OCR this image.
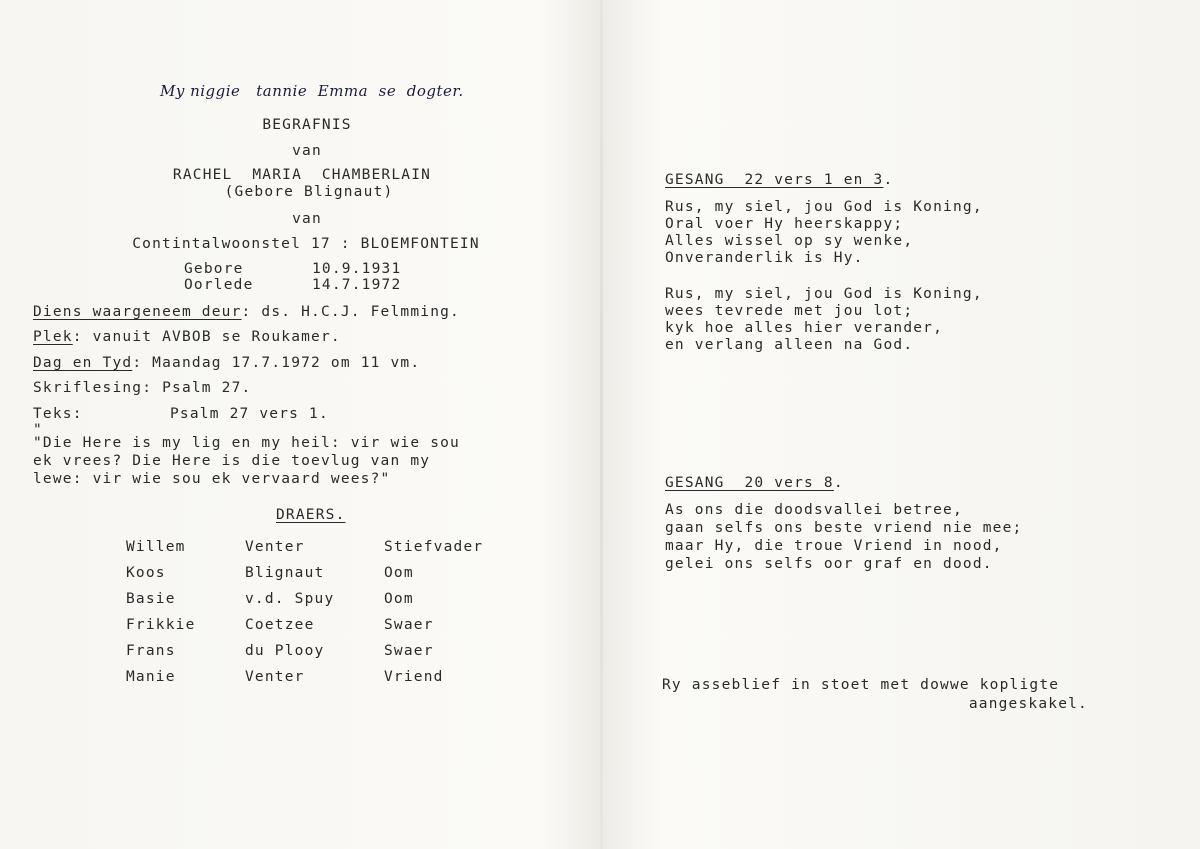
My niggie   tannie  Emma  se  dogter.
BEGRAFNIS
van
RACHEL  MARIA  CHAMBERLAIN
(Gebore Blignaut)
van
Contintalwoonstel 17 : BLOEMFONTEIN
Gebore	10.9.1931
Oorlede	14.7.1972
Diens waargeneem deur: ds. H.C.J. Felmming.
Plek: vanuit AVBOB se Roukamer.
Dag en Tyd: Maandag 17.7.1972 om 11 vm.
Skriflesing: Psalm 27.
Teks:	Psalm 27 vers 1.
"
"Die Here is my lig en my heil: vir wie sou
ek vrees? Die Here is die toevlug van my
lewe: vir wie sou ek vervaard wees?"
DRAERS.
Willem	Venter	Stiefvader
Koos	Blignaut	Oom
Basie	v.d. Spuy	Oom
Frikkie	Coetzee	Swaer
Frans	du Plooy	Swaer
Manie	Venter	Vriend
GESANG  22 vers 1 en 3.
Rus, my siel, jou God is Koning,
Oral voer Hy heerskappy;
Alles wissel op sy wenke,
Onveranderlik is Hy.
Rus, my siel, jou God is Koning,
wees tevrede met jou lot;
kyk hoe alles hier verander,
en verlang alleen na God.
GESANG  20 vers 8.
As ons die doodsvallei betree,
gaan selfs ons beste vriend nie mee;
maar Hy, die troue Vriend in nood,
gelei ons selfs oor graf en dood.
Ry asseblief in stoet met dowwe kopligte
aangeskakel.
